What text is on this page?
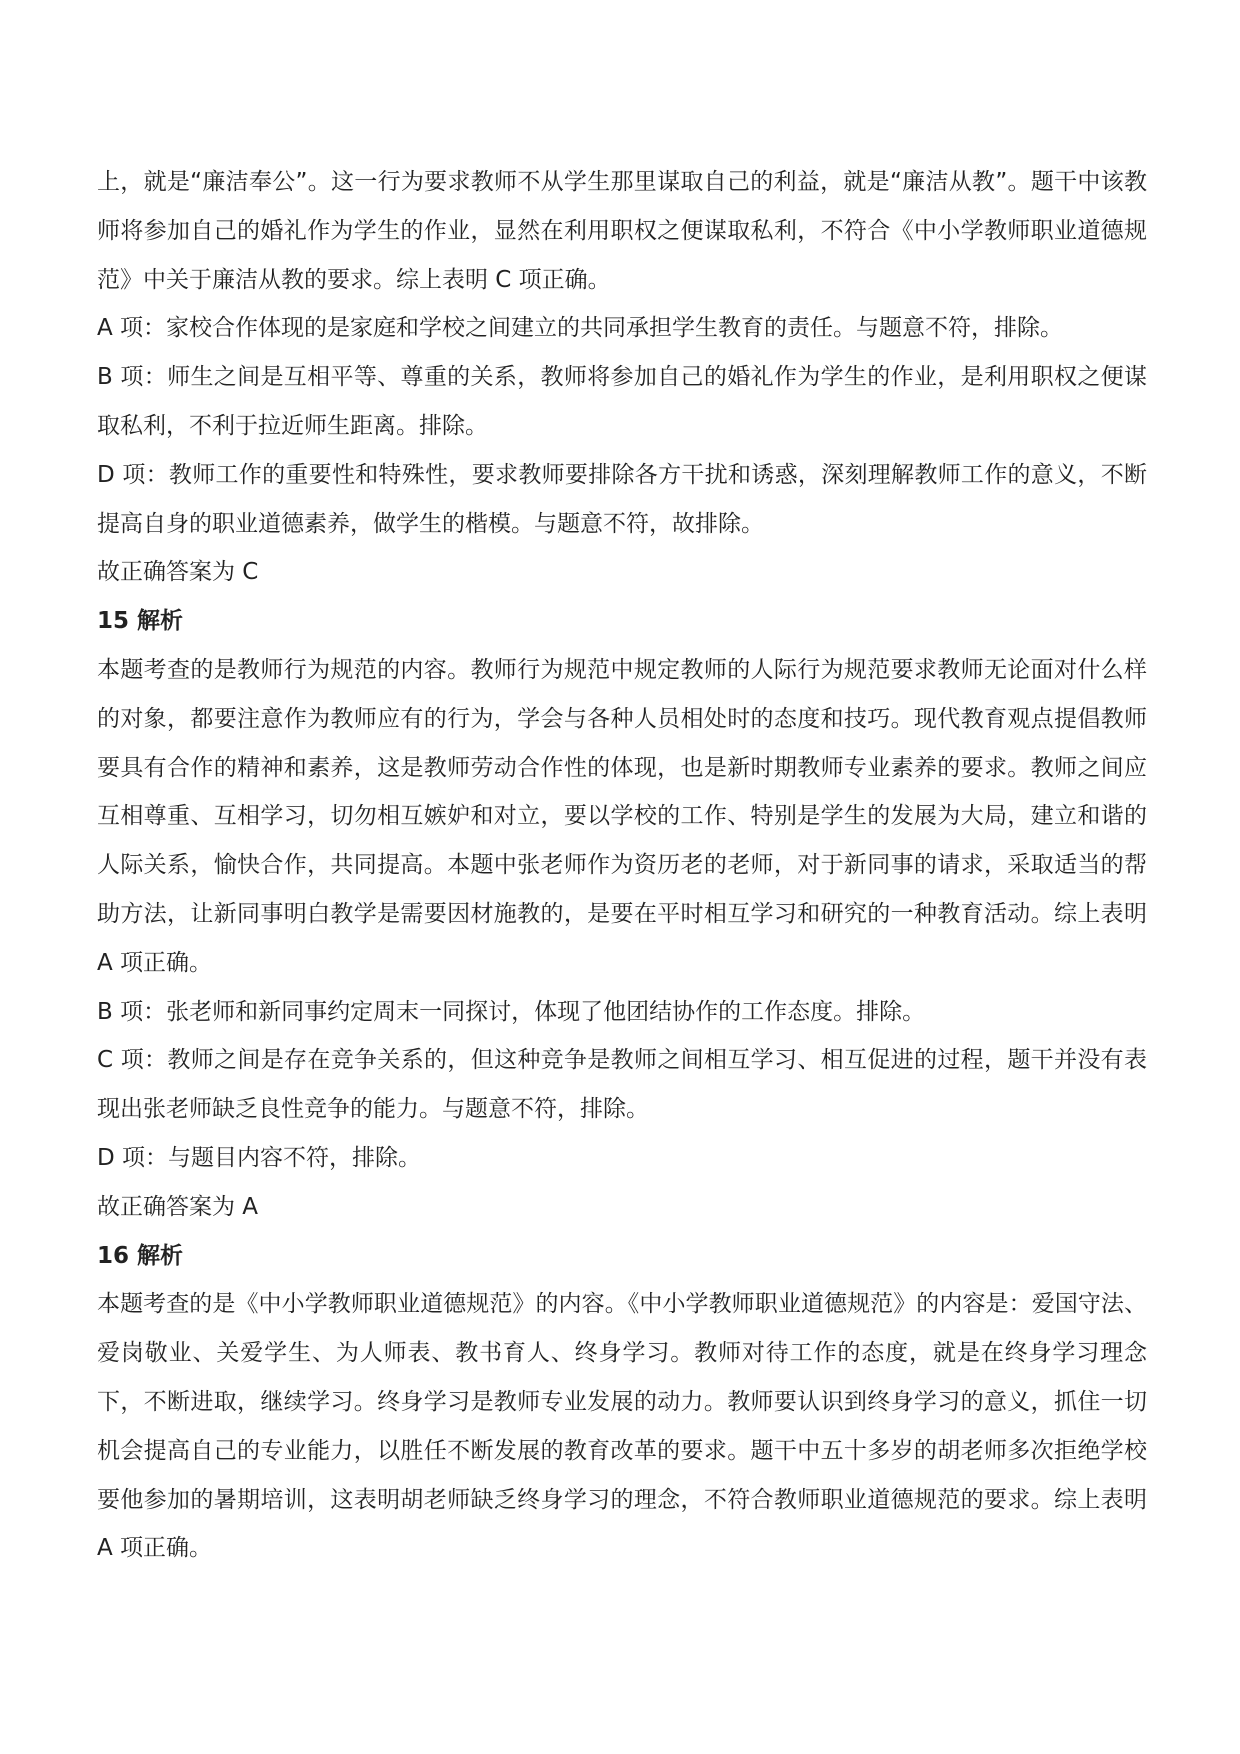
上，就是“廉洁奉公”。这一行为要求教师不从学生那里谋取自己的利益，就是“廉洁从教”。题干中该教师将参加自己的婚礼作为学生的作业，显然在利用职权之便谋取私利，不符合《中小学教师职业道德规范》中关于廉洁从教的要求。综上表明 C 项正确。

A 项：家校合作体现的是家庭和学校之间建立的共同承担学生教育的责任。与题意不符，排除。

B 项：师生之间是互相平等、尊重的关系，教师将参加自己的婚礼作为学生的作业，是利用职权之便谋取私利，不利于拉近师生距离。排除。

D 项：教师工作的重要性和特殊性，要求教师要排除各方干扰和诱惑，深刻理解教师工作的意义，不断提高自身的职业道德素养，做学生的楷模。与题意不符，故排除。

故正确答案为 C

15 解析

本题考查的是教师行为规范的内容。教师行为规范中规定教师的人际行为规范要求教师无论面对什么样的对象，都要注意作为教师应有的行为，学会与各种人员相处时的态度和技巧。现代教育观点提倡教师要具有合作的精神和素养，这是教师劳动合作性的体现，也是新时期教师专业素养的要求。教师之间应互相尊重、互相学习，切勿相互嫉妒和对立，要以学校的工作、特别是学生的发展为大局，建立和谐的人际关系，愉快合作，共同提高。本题中张老师作为资历老的老师，对于新同事的请求，采取适当的帮助方法，让新同事明白教学是需要因材施教的，是要在平时相互学习和研究的一种教育活动。综上表明 A 项正确。

B 项：张老师和新同事约定周末一同探讨，体现了他团结协作的工作态度。排除。

C 项：教师之间是存在竞争关系的，但这种竞争是教师之间相互学习、相互促进的过程，题干并没有表现出张老师缺乏良性竞争的能力。与题意不符，排除。

D 项：与题目内容不符，排除。

故正确答案为 A

16 解析

本题考查的是《中小学教师职业道德规范》的内容。《中小学教师职业道德规范》的内容是：爱国守法、爱岗敬业、关爱学生、为人师表、教书育人、终身学习。教师对待工作的态度，就是在终身学习理念下，不断进取，继续学习。终身学习是教师专业发展的动力。教师要认识到终身学习的意义，抓住一切机会提高自己的专业能力，以胜任不断发展的教育改革的要求。题干中五十多岁的胡老师多次拒绝学校要他参加的暑期培训，这表明胡老师缺乏终身学习的理念，不符合教师职业道德规范的要求。综上表明 A 项正确。
